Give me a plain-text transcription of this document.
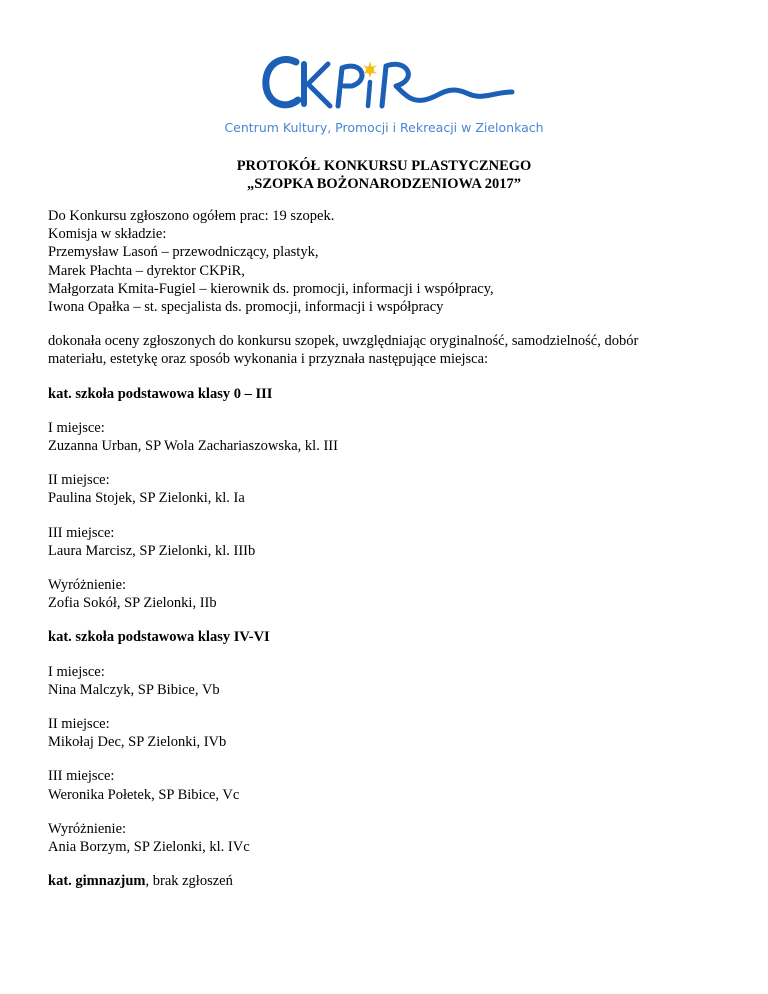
Centrum Kultury, Promocji i Rekreacji w Zielonkach
PROTOKÓŁ KONKURSU PLASTYCZNEGO
„SZOPKA BOŻONARODZENIOWA 2017”

Do Konkursu zgłoszono ogółem prac: 19 szopek.

Komisja w składzie:

Przemysław Lasoń – przewodniczący, plastyk,

Marek Płachta – dyrektor CKPiR,

Małgorzata Kmita-Fugiel – kierownik ds. promocji, informacji i współpracy,

Iwona Opałka – st. specjalista ds. promocji, informacji i współpracy

dokonała oceny zgłoszonych do konkursu szopek, uwzględniając oryginalność, samodzielność, dobór

materiału, estetykę oraz sposób wykonania i przyznała następujące miejsca:

kat. szkoła podstawowa klasy 0 – III

I miejsce:

Zuzanna Urban, SP Wola Zachariaszowska, kl. III

II miejsce:

Paulina Stojek, SP Zielonki, kl. Ia

III miejsce:

Laura Marcisz, SP Zielonki, kl. IIIb

Wyróżnienie:

Zofia Sokół, SP Zielonki, IIb

kat. szkoła podstawowa klasy IV-VI

I miejsce:

Nina Malczyk, SP Bibice, Vb

II miejsce:

Mikołaj Dec, SP Zielonki, IVb

III miejsce:

Weronika Połetek, SP Bibice, Vc

Wyróżnienie:

Ania Borzym, SP Zielonki, kl. IVc

kat. gimnazjum, brak zgłoszeń
